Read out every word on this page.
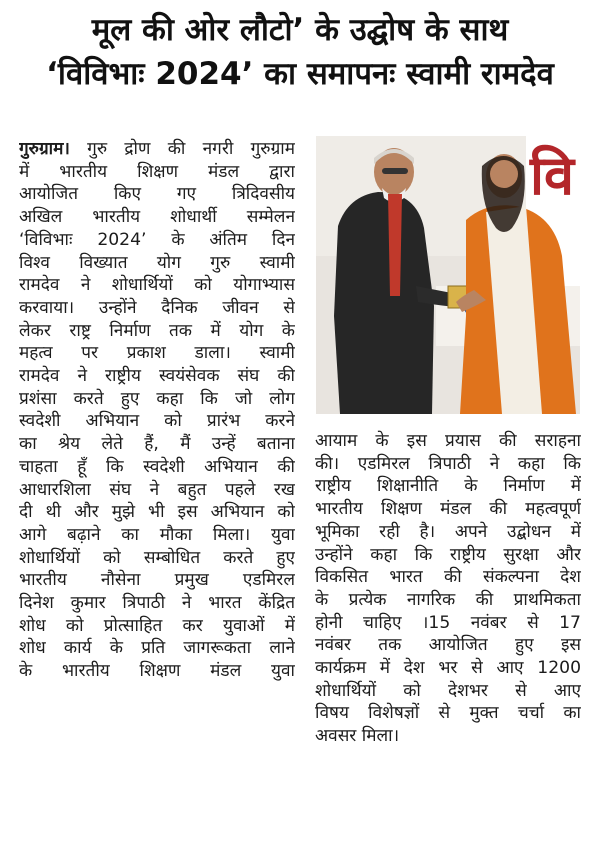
मूल की ओर लौटो’ के उद्घोष के साथ
‘विविभाः 2024’ का समापनः स्वामी रामदेव
गुरुग्राम। गुरु द्रोण की नगरी गुरुग्राम
में भारतीय शिक्षण मंडल द्वारा
आयोजित किए गए त्रिदिवसीय
अखिल भारतीय शोधार्थी सम्मेलन
‘विविभाः 2024’ के अंतिम दिन
विश्व विख्यात योग गुरु स्वामी
रामदेव ने शोधार्थियों को योगाभ्यास
करवाया। उन्होंने दैनिक जीवन से
लेकर राष्ट्र निर्माण तक में योग के
महत्व पर प्रकाश डाला। स्वामी
रामदेव ने राष्ट्रीय स्वयंसेवक संघ की
प्रशंसा करते हुए कहा कि जो लोग
स्वदेशी अभियान को प्रारंभ करने
का श्रेय लेते हैं, मैं उन्हें बताना
चाहता हूँ कि स्वदेशी अभियान की
आधारशिला संघ ने बहुत पहले रख
दी थी और मुझे भी इस अभियान को
आगे बढ़ाने का मौका मिला। युवा
शोधार्थियों को सम्बोधित करते हुए
भारतीय नौसेना प्रमुख एडमिरल
दिनेश कुमार त्रिपाठी ने भारत केंद्रित
शोध को प्रोत्साहित कर युवाओं में
शोध कार्य के प्रति जागरूकता लाने
के भारतीय शिक्षण मंडल युवा
वि
आयाम के इस प्रयास की सराहना
की। एडमिरल त्रिपाठी ने कहा कि
राष्ट्रीय शिक्षानीति के निर्माण में
भारतीय शिक्षण मंडल की महत्वपूर्ण
भूमिका रही है। अपने उद्बोधन में
उन्होंने कहा कि राष्ट्रीय सुरक्षा और
विकसित भारत की संकल्पना देश
के प्रत्येक नागरिक की प्राथमिकता
होनी चाहिए ।15 नवंबर से 17
नवंबर तक आयोजित हुए इस
कार्यक्रम में देश भर से आए 1200
शोधार्थियों को देशभर से आए
विषय विशेषज्ञों से मुक्त चर्चा का
अवसर मिला।
